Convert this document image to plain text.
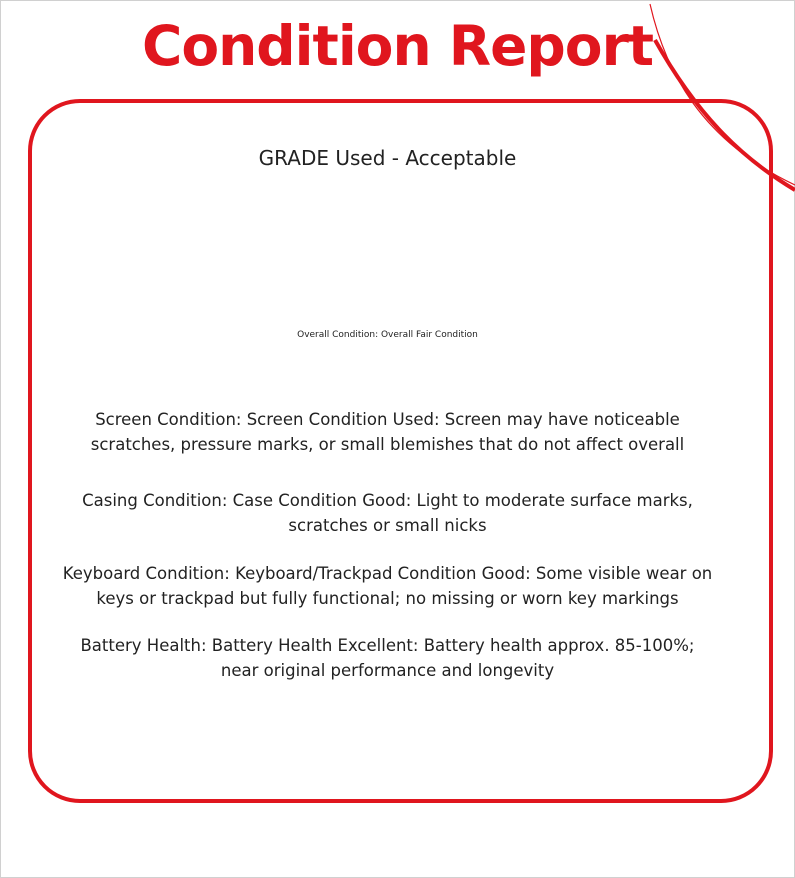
Condition Report
GRADE Used - Acceptable
Overall Condition: Overall Fair Condition
Screen Condition: Screen Condition Used: Screen may have noticeable scratches, pressure marks, or small blemishes that do not affect overall
Casing Condition: Case Condition Good: Light to moderate surface marks, scratches or small nicks
Keyboard Condition: Keyboard/Trackpad Condition Good: Some visible wear on keys or trackpad but fully functional; no missing or worn key markings
Battery Health: Battery Health Excellent: Battery health approx. 85-100%; near original performance and longevity
